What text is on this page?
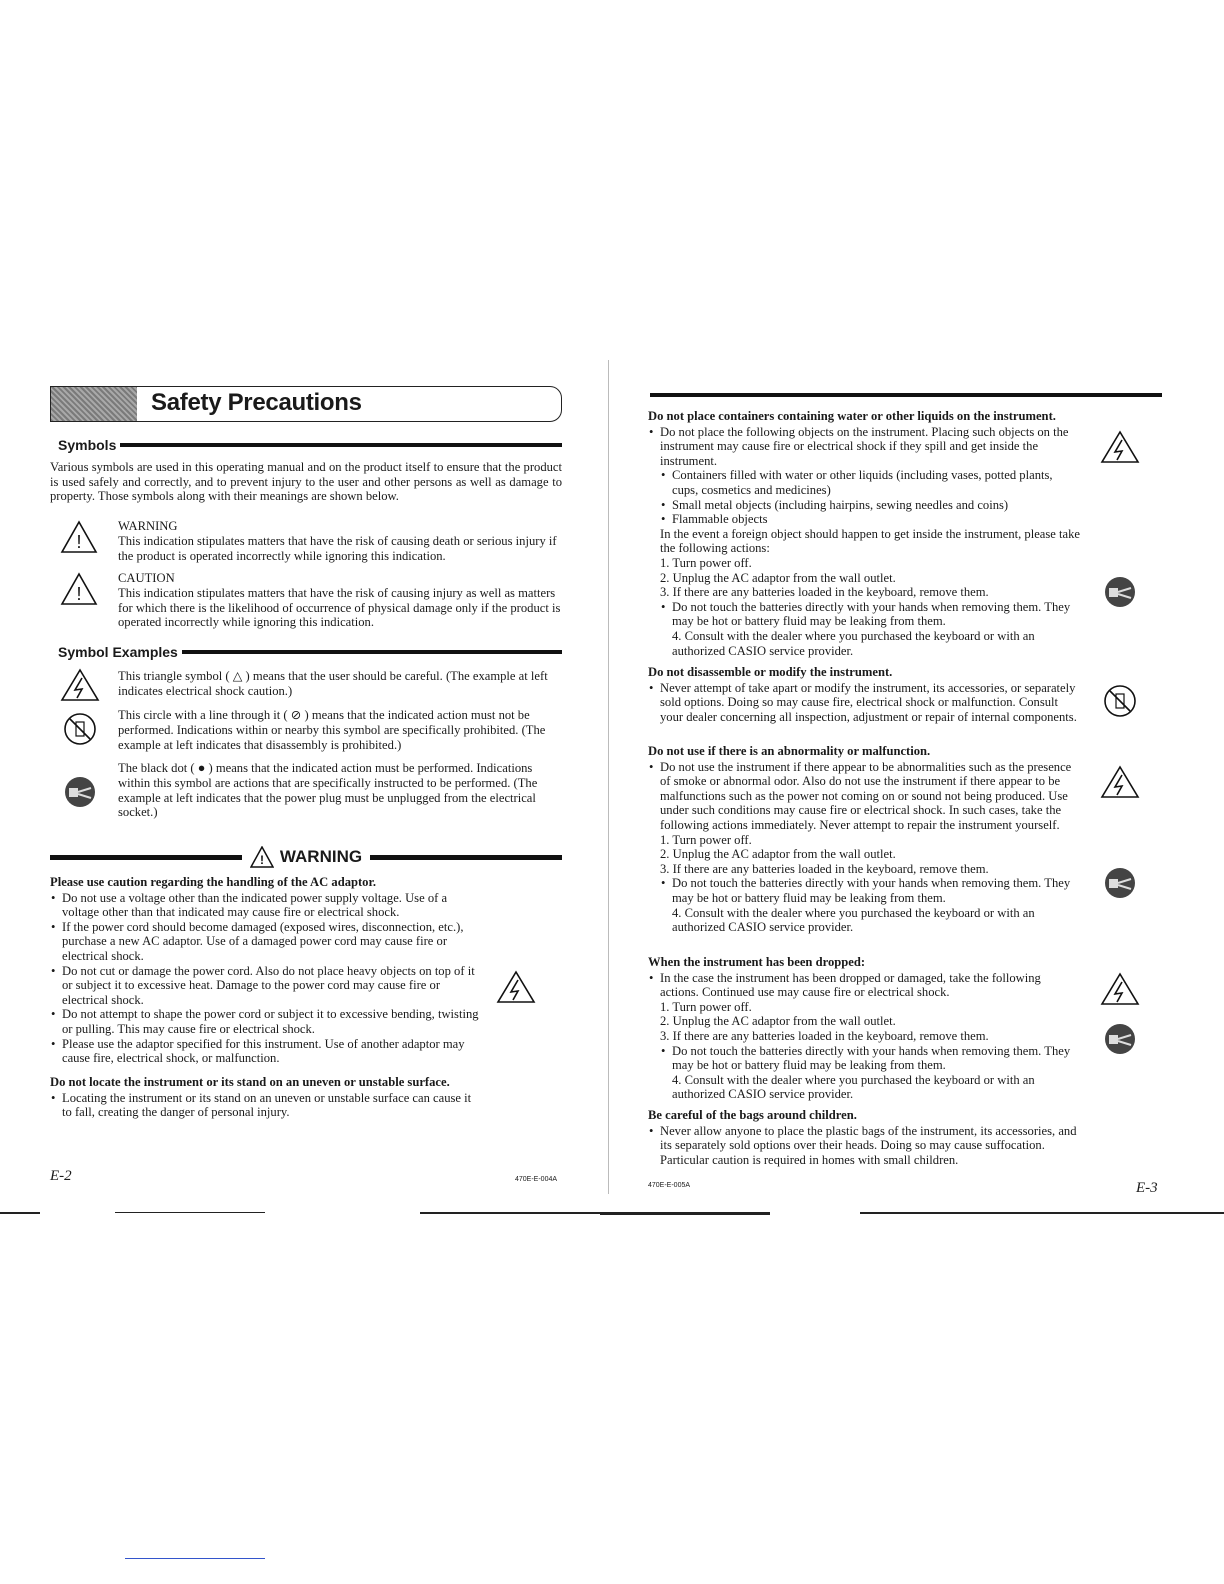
Safety Precautions
Symbols

Various symbols are used in this operating manual and on the product itself to ensure that the product is used safely and correctly, and to prevent injury to the user and other persons as well as damage to property. Those symbols along with their meanings are shown below.

!
WARNING
This indication stipulates matters that have the risk of causing death or serious injury if the product is operated incorrectly while ignoring this indication.
!
CAUTION
This indication stipulates matters that have the risk of causing injury as well as matters for which there is the likelihood of occurrence of physical damage only if the product is operated incorrectly while ignoring this indication.
Symbol Examples
This triangle symbol ( △ ) means that the user should be careful. (The example at left indicates electrical shock caution.)
This circle with a line through it ( ⊘ ) means that the indicated action must not be performed. Indications within or nearby this symbol are specifically prohibited. (The example at left indicates that disassembly is prohibited.)
The black dot ( ● ) means that the indicated action must be performed. Indications within this symbol are actions that are specifically instructed to be performed. (The example at left indicates that the power plug must be unplugged from the electrical socket.)
! WARNING
Please use caution regarding the handling of the AC adaptor.
• Do not use a voltage other than the indicated power supply voltage. Use of a voltage other than that indicated may cause fire or electrical shock.
• If the power cord should become damaged (exposed wires, disconnection, etc.), purchase a new AC adaptor. Use of a damaged power cord may cause fire or electrical shock.
• Do not cut or damage the power cord. Also do not place heavy objects on top of it or subject it to excessive heat. Damage to the power cord may cause fire or electrical shock.
• Do not attempt to shape the power cord or subject it to excessive bending, twisting or pulling. This may cause fire or electrical shock.
• Please use the adaptor specified for this instrument. Use of another adaptor may cause fire, electrical shock, or malfunction.
Do not locate the instrument or its stand on an uneven or unstable surface.
• Locating the instrument or its stand on an uneven or unstable surface can cause it to fall, creating the danger of personal injury.
E-2	470E-E-004A
Do not place containers containing water or other liquids on the instrument.
• Do not place the following objects on the instrument. Placing such objects on the instrument may cause fire or electrical shock if they spill and get inside the instrument.
• Containers filled with water or other liquids (including vases, potted plants, cups, cosmetics and medicines)
• Small metal objects (including hairpins, sewing needles and coins)
• Flammable objects
In the event a foreign object should happen to get inside the instrument, please take the following actions:
1. Turn power off.
2. Unplug the AC adaptor from the wall outlet.
3. If there are any batteries loaded in the keyboard, remove them.
• Do not touch the batteries directly with your hands when removing them. They may be hot or battery fluid may be leaking from them.
4. Consult with the dealer where you purchased the keyboard or with an authorized CASIO service provider.
Do not disassemble or modify the instrument.
• Never attempt of take apart or modify the instrument, its accessories, or separately sold options. Doing so may cause fire, electrical shock or malfunction. Consult your dealer concerning all inspection, adjustment or repair of internal components.
Do not use if there is an abnormality or malfunction.
• Do not use the instrument if there appear to be abnormalities such as the presence of smoke or abnormal odor. Also do not use the instrument if there appear to be malfunctions such as the power not coming on or sound not being produced. Use under such conditions may cause fire or electrical shock. In such cases, take the following actions immediately. Never attempt to repair the instrument yourself.
1. Turn power off.
2. Unplug the AC adaptor from the wall outlet.
3. If there are any batteries loaded in the keyboard, remove them.
• Do not touch the batteries directly with your hands when removing them. They may be hot or battery fluid may be leaking from them.
4. Consult with the dealer where you purchased the keyboard or with an authorized CASIO service provider.
When the instrument has been dropped:
• In the case the instrument has been dropped or damaged, take the following actions. Continued use may cause fire or electrical shock.
1. Turn power off.
2. Unplug the AC adaptor from the wall outlet.
3. If there are any batteries loaded in the keyboard, remove them.
• Do not touch the batteries directly with your hands when removing them. They may be hot or battery fluid may be leaking from them.
4. Consult with the dealer where you purchased the keyboard or with an authorized CASIO service provider.
Be careful of the bags around children.
• Never allow anyone to place the plastic bags of the instrument, its accessories, and its separately sold options over their heads. Doing so may cause suffocation. Particular caution is required in homes with small children.
470E-E-005A	E-3
